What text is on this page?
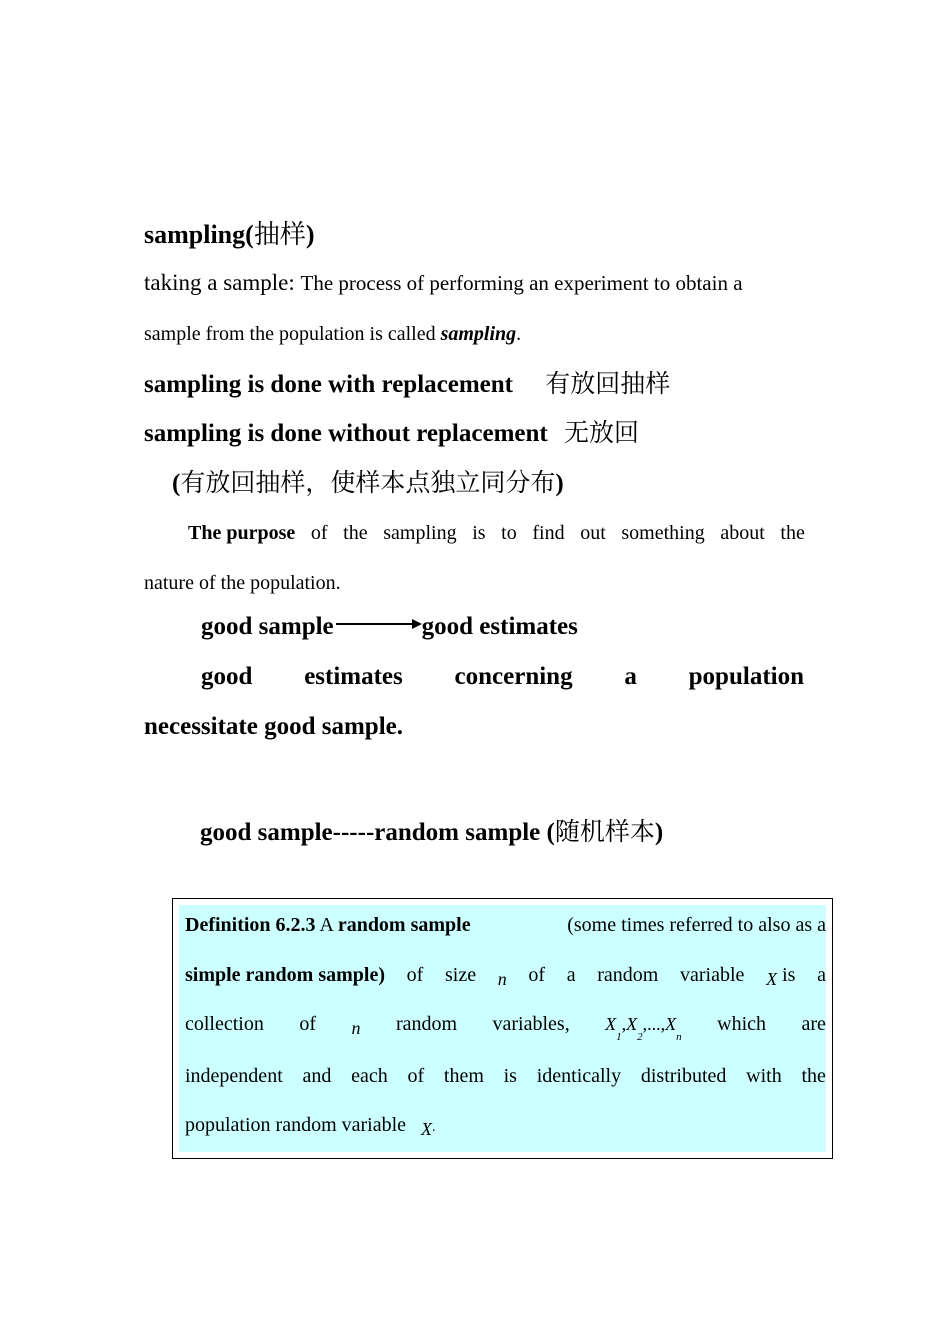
sampling(抽样)
taking a sample: The process of performing an experiment to obtain a
sample from the population is called sampling.
sampling is done with replacement 有放回抽样
sampling is done without replacement 无放回
(有放回抽样，使样本点独立同分布)
The purpose of the sampling is to find out something about the
nature of the population.
good sample	good estimates
good estimates concerning a population
necessitate good sample.
good sample-----random sample (随机样本)
Definition 6.2.3 A random sample	(some times referred to also as a
simple random sample) of size n of a random variable X is a
collection of n random variables, $X_1,X_2,...,X_n$
which are
independent and each of them is identically distributed with the
population random variable X.
